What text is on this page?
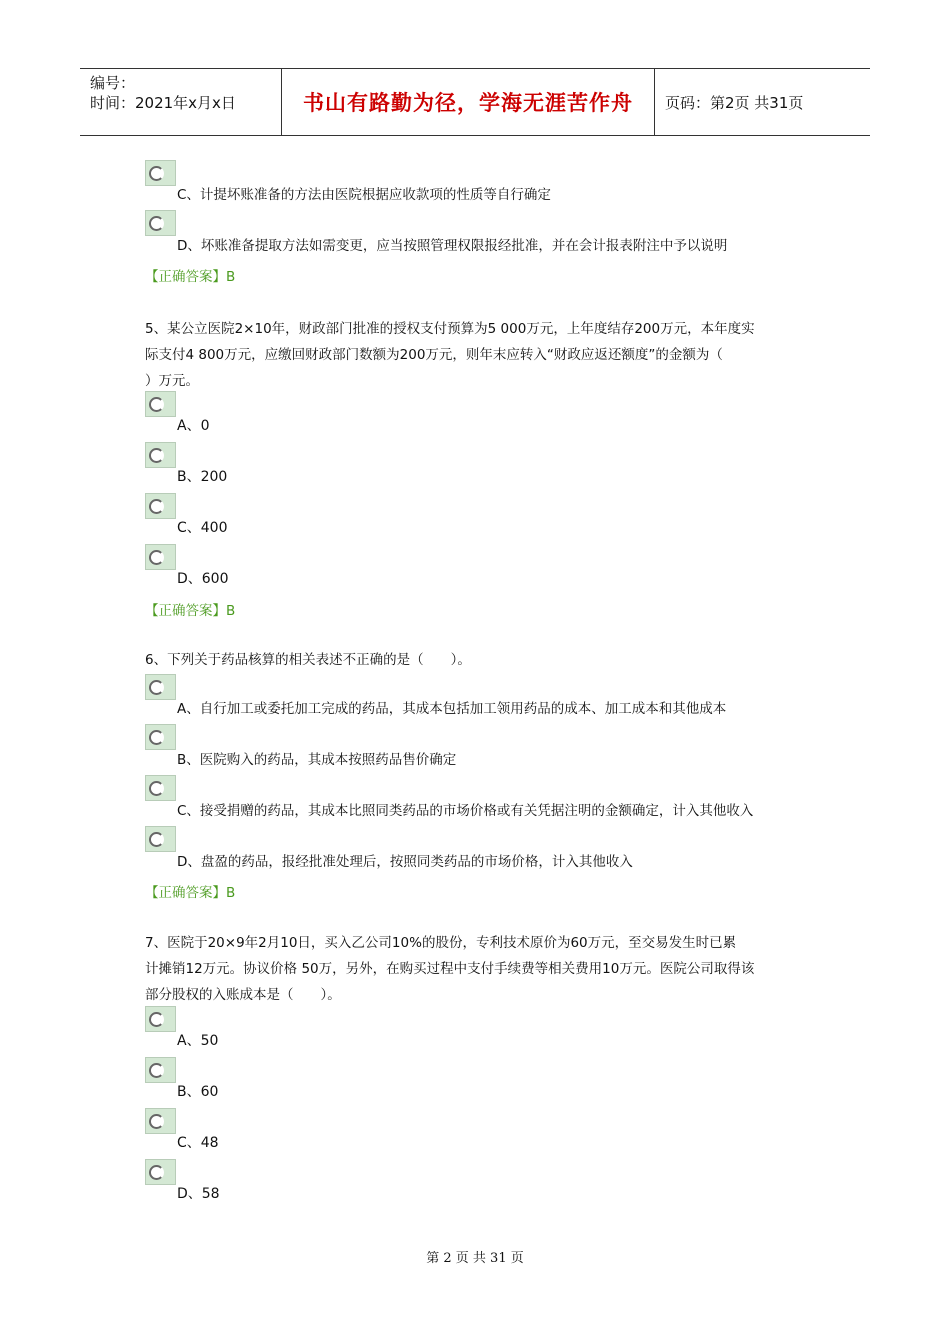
编号：
时间：2021年x月x日	书山有路勤为径，学海无涯苦作舟	页码：第2页 共31页
C、计提坏账准备的方法由医院根据应收款项的性质等自行确定
D、坏账准备提取方法如需变更，应当按照管理权限报经批准，并在会计报表附注中予以说明
【正确答案】B
5、某公立医院2×10年，财政部门批准的授权支付预算为5 000万元，上年度结存200万元，本年度实
际支付4 800万元，应缴回财政部门数额为200万元，则年末应转入“财政应返还额度”的金额为（
）万元。
A、0
B、200
C、400
D、600
【正确答案】B
6、下列关于药品核算的相关表述不正确的是（　　）。
A、自行加工或委托加工完成的药品，其成本包括加工领用药品的成本、加工成本和其他成本
B、医院购入的药品，其成本按照药品售价确定
C、接受捐赠的药品，其成本比照同类药品的市场价格或有关凭据注明的金额确定，计入其他收入
D、盘盈的药品，报经批准处理后，按照同类药品的市场价格，计入其他收入
【正确答案】B
7、医院于20×9年2月10日，买入乙公司10%的股份，专利技术原价为60万元，至交易发生时已累
计摊销12万元。协议价格 50万，另外，在购买过程中支付手续费等相关费用10万元。医院公司取得该
部分股权的入账成本是（　　）。
A、50
B、60
C、48
D、58
第 2 页 共 31 页
